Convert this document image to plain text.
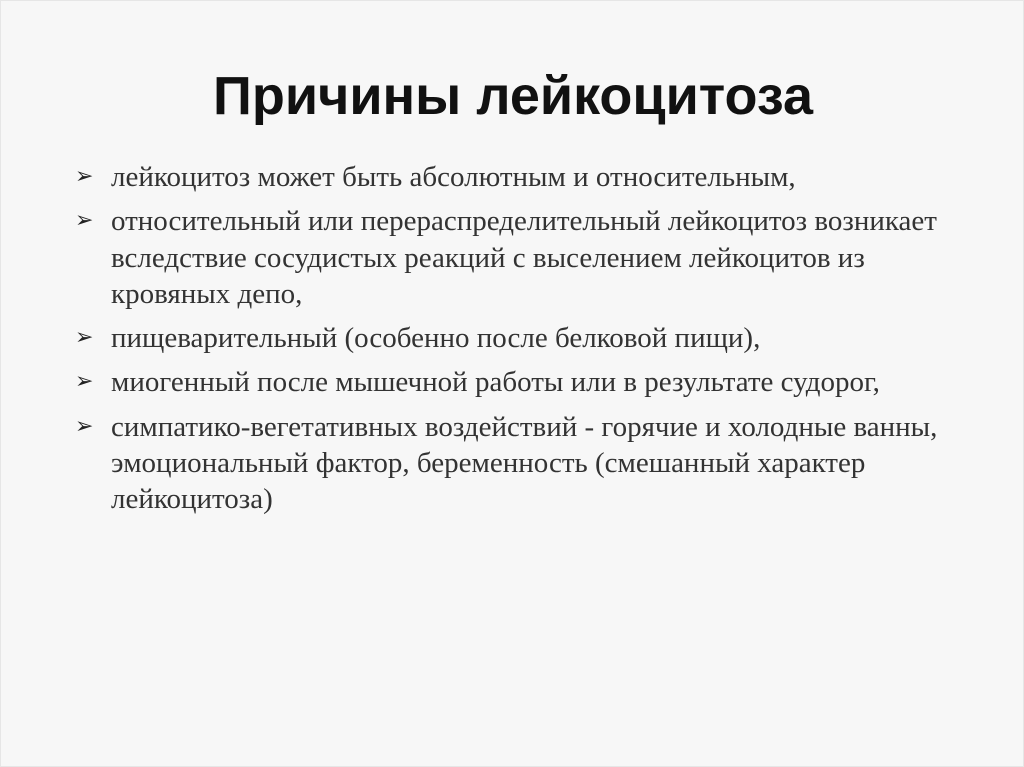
Причины лейкоцитоза
➢ лейкоцитоз может быть абсолютным и относительным,
➢ относительный или перераспределительный лейкоцитоз возникает вследствие сосудистых реакций с выселением лейкоцитов из кровяных депо,
➢ пищеварительный (особенно после белковой пищи),
➢ миогенный после мышечной работы или в результате судорог,
➢ симпатико-вегетативных воздействий - горячие и холодные ванны, эмоциональный фактор, беременность (смешанный характер лейкоцитоза)
